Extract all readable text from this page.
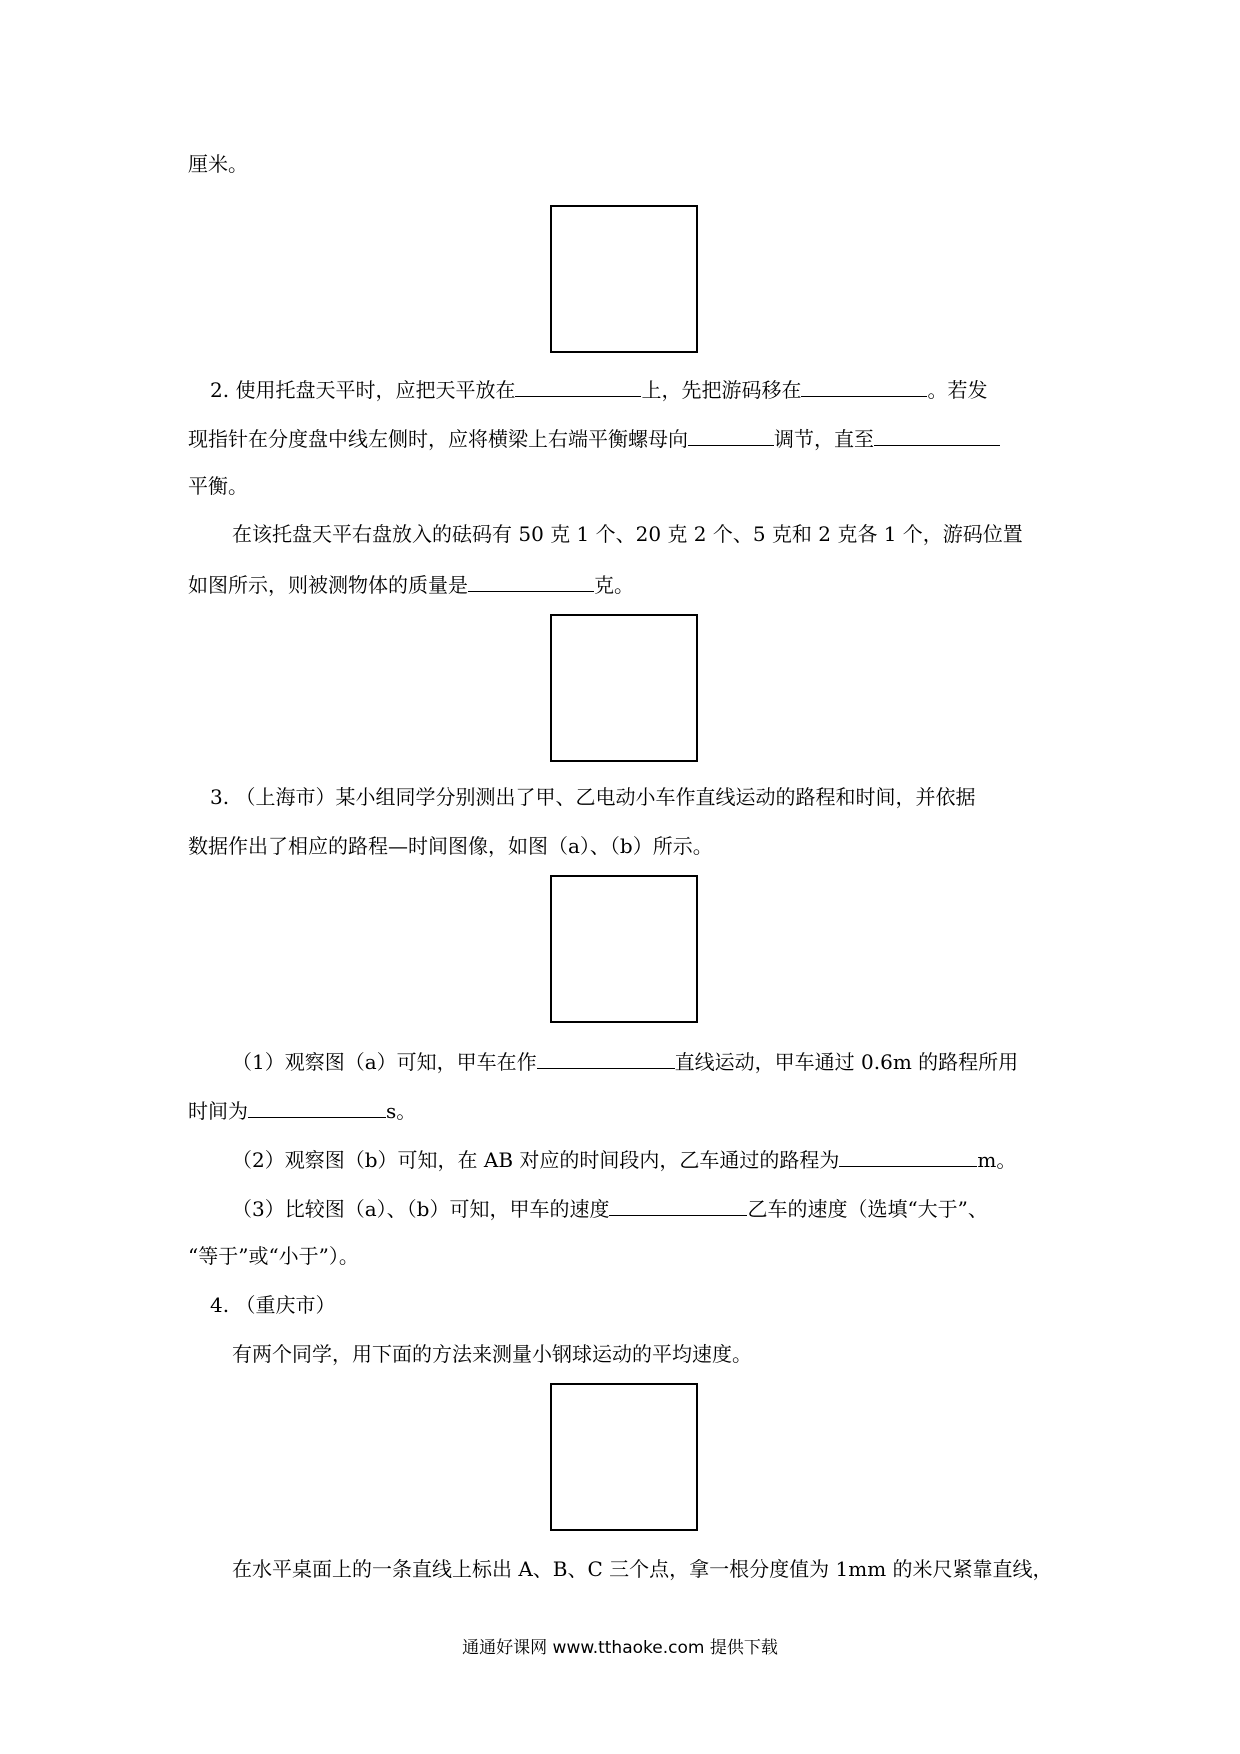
厘米。
2. 使用托盘天平时，应把天平放在	上，先把游码移在	。若发
现指针在分度盘中线左侧时，应将横梁上右端平衡螺母向	调节，直至
平衡。
在该托盘天平右盘放入的砝码有 50 克 1 个、20 克 2 个、5 克和 2 克各 1 个，游码位置
如图所示，则被测物体的质量是	克。
3. （上海市）某小组同学分别测出了甲、乙电动小车作直线运动的路程和时间，并依据
数据作出了相应的路程—时间图像，如图（a）、（b）所示。
（1）观察图（a）可知，甲车在作	直线运动，甲车通过 0.6m 的路程所用
时间为	s。
（2）观察图（b）可知，在 AB 对应的时间段内，乙车通过的路程为	m。
（3）比较图（a）、（b）可知，甲车的速度	乙车的速度（选填“大于”、
“等于”或“小于”）。
4. （重庆市）
有两个同学，用下面的方法来测量小钢球运动的平均速度。
在水平桌面上的一条直线上标出 A、B、C 三个点，拿一根分度值为 1mm 的米尺紧靠直线，
通通好课网 www.tthaoke.com 提供下载
